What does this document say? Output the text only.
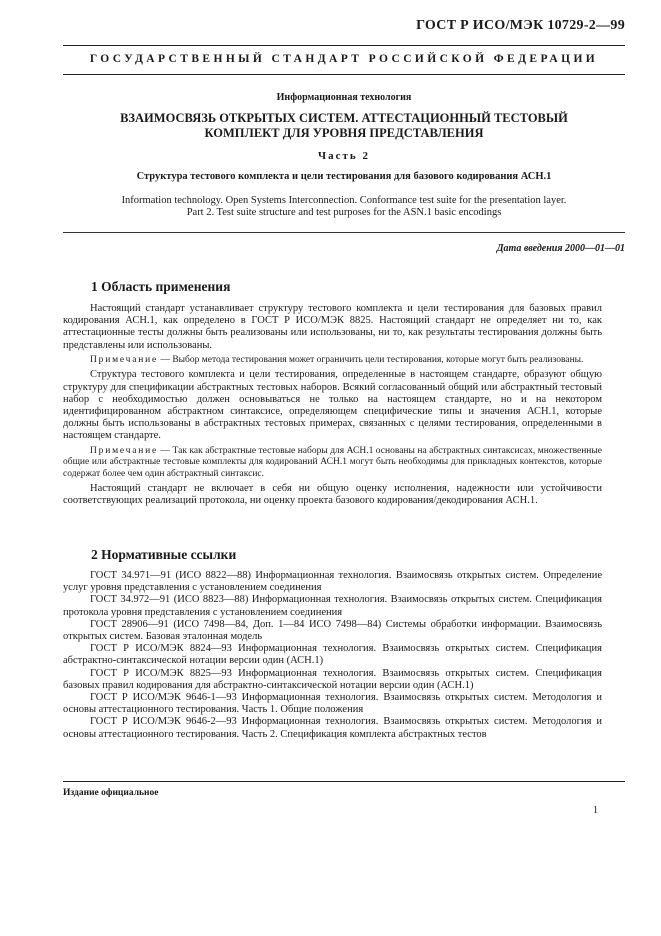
ГОСТ Р ИСО/МЭК 10729-2—99
ГОСУДАРСТВЕННЫЙ СТАНДАРТ РОССИЙСКОЙ ФЕДЕРАЦИИ
Информационная технология
ВЗАИМОСВЯЗЬ ОТКРЫТЫХ СИСТЕМ. АТТЕСТАЦИОННЫЙ ТЕСТОВЫЙ
КОМПЛЕКТ ДЛЯ УРОВНЯ ПРЕДСТАВЛЕНИЯ
Часть 2
Структура тестового комплекта и цели тестирования для базового кодирования АСН.1
Information technology. Open Systems Interconnection. Conformance test suite for the presentation layer.
Part 2. Test suite structure and test purposes for the ASN.1 basic encodings
Дата введения 2000—01—01
1 Область применения

Настоящий стандарт устанавливает структуру тестового комплекта и цели тестирования для базовых правил кодирования АСН.1, как определено в ГОСТ Р ИСО/МЭК 8825. Настоящий стандарт не определяет ни то, как аттестационные тесты должны быть реализованы или использованы, ни то, как результаты тестирования должны быть представлены или использованы.

Примечание — Выбор метода тестирования может ограничить цели тестирования, которые могут быть реализованы.

Структура тестового комплекта и цели тестирования, определенные в настоящем стандарте, образуют общую структуру для спецификации абстрактных тестовых наборов. Всякий согласованный общий или абстрактный тестовый набор с необходимостью должен основываться не только на настоящем стандарте, но и на некотором идентифицированном абстрактном синтаксисе, определяющем специфические типы и значения АСН.1, которые должны быть использованы в абстрактных тестовых примерах, связанных с целями тестирования, определенными в настоящем стандарте.

Примечание — Так как абстрактные тестовые наборы для АСН.1 основаны на абстрактных синтаксисах, множественные общие или абстрактные тестовые комплекты для кодирований АСН.1 могут быть необходимы для прикладных контекстов, которые содержат более чем один абстрактный синтаксис.

Настоящий стандарт не включает в себя ни общую оценку исполнения, надежности или устойчивости соответствующих реализаций протокола, ни оценку проекта базового кодирования/декодирования АСН.1.

2 Нормативные ссылки

ГОСТ 34.971—91 (ИСО 8822—88) Информационная технология. Взаимосвязь открытых систем. Определение услуг уровня представления с установлением соединения

ГОСТ 34.972—91 (ИСО 8823—88) Информационная технология. Взаимосвязь открытых систем. Спецификация протокола уровня представления с установлением соединения

ГОСТ 28906—91 (ИСО 7498—84, Доп. 1—84 ИСО 7498—84) Системы обработки информации. Взаимосвязь открытых систем. Базовая эталонная модель

ГОСТ Р ИСО/МЭК 8824—93 Информационная технология. Взаимосвязь открытых систем. Спецификация абстрактно-синтаксической нотации версии один (АСН.1)

ГОСТ Р ИСО/МЭК 8825—93 Информационная технология. Взаимосвязь открытых систем. Спецификация базовых правил кодирования для абстрактно-синтаксической нотации версии один (АСН.1)

ГОСТ Р ИСО/МЭК 9646-1—93 Информационная технология. Взаимосвязь открытых систем. Методология и основы аттестационного тестирования. Часть 1. Общие положения

ГОСТ Р ИСО/МЭК 9646-2—93 Информационная технология. Взаимосвязь открытых систем. Методология и основы аттестационного тестирования. Часть 2. Спецификация комплекта абстрактных тестов

Издание официальное
1
